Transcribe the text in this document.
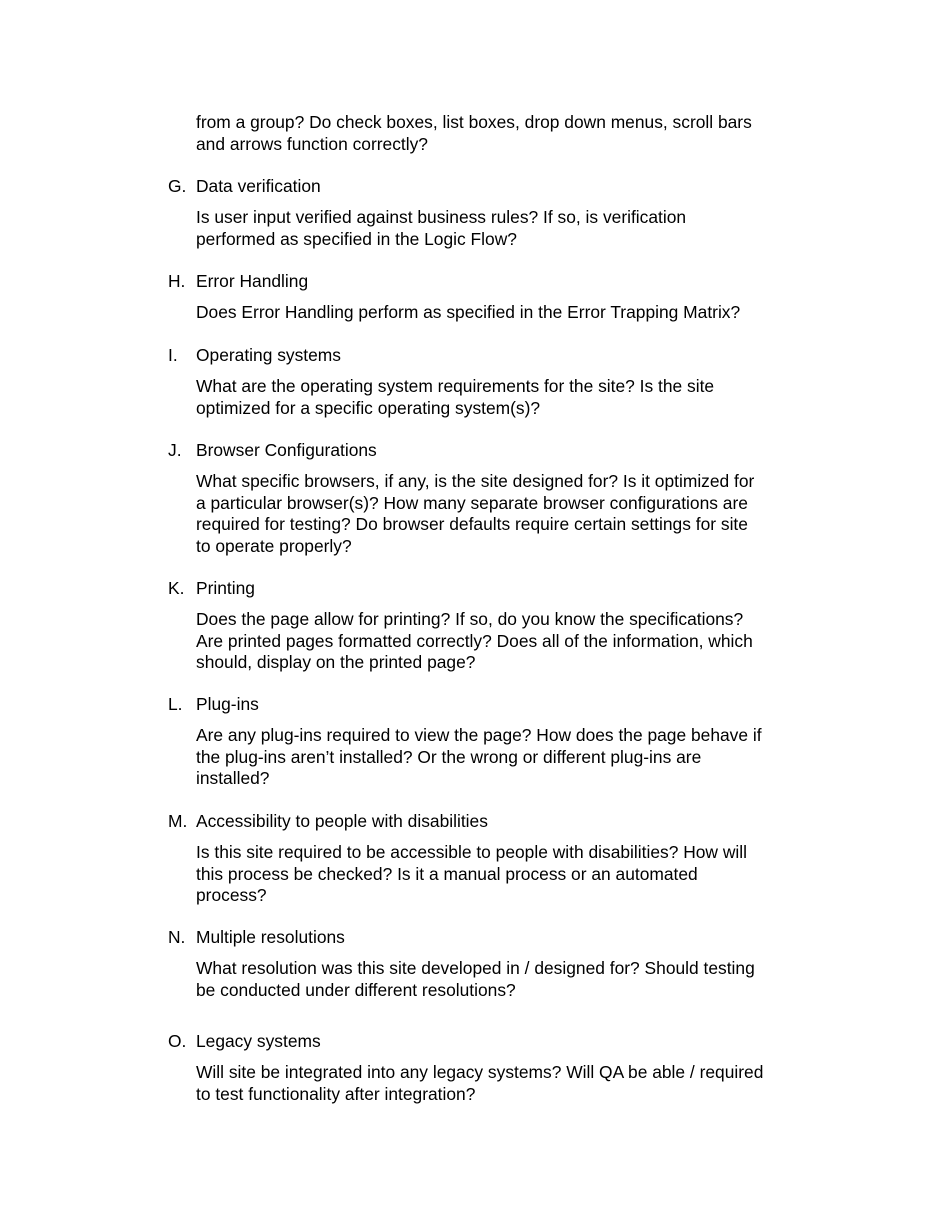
from a group? Do check boxes, list boxes, drop down menus, scroll bars
and arrows function correctly?

G. Data verification

Is user input verified against business rules? If so, is verification
performed as specified in the Logic Flow?

H. Error Handling

Does Error Handling perform as specified in the Error Trapping Matrix?

I. Operating systems

What are the operating system requirements for the site? Is the site
optimized for a specific operating system(s)?

J. Browser Configurations

What specific browsers, if any, is the site designed for? Is it optimized for
a particular browser(s)? How many separate browser configurations are
required for testing? Do browser defaults require certain settings for site
to operate properly?

K. Printing

Does the page allow for printing? If so, do you know the specifications?
Are printed pages formatted correctly? Does all of the information, which
should, display on the printed page?

L. Plug-ins

Are any plug-ins required to view the page? How does the page behave if
the plug-ins aren’t installed? Or the wrong or different plug-ins are
installed?

M. Accessibility to people with disabilities

Is this site required to be accessible to people with disabilities? How will
this process be checked? Is it a manual process or an automated
process?

N. Multiple resolutions

What resolution was this site developed in / designed for? Should testing
be conducted under different resolutions?

O. Legacy systems

Will site be integrated into any legacy systems? Will QA be able / required
to test functionality after integration?
